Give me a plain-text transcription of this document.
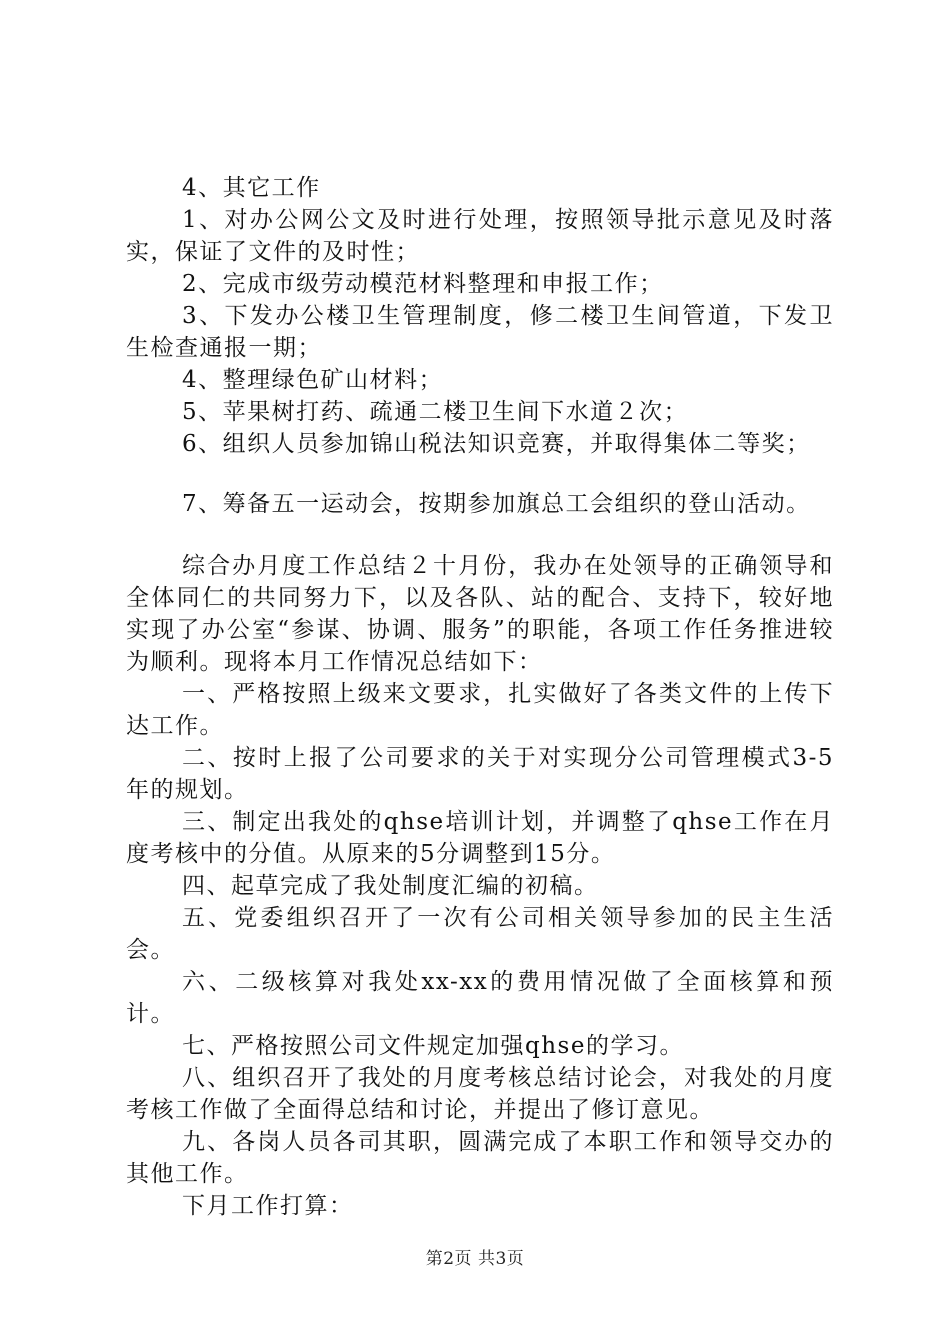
4、其它工作

1、对办公网公文及时进行处理，按照领导批示意见及时落实，保证了文件的及时性；

2、完成市级劳动模范材料整理和申报工作；

3、下发办公楼卫生管理制度，修二楼卫生间管道，下发卫生检查通报一期；

4、整理绿色矿山材料；

5、苹果树打药、疏通二楼卫生间下水道２次；

6、组织人员参加锦山税法知识竞赛，并取得集体二等奖；

7、筹备五一运动会，按期参加旗总工会组织的登山活动。

综合办月度工作总结２十月份，我办在处领导的正确领导和全体同仁的共同努力下，以及各队、站的配合、支持下，较好地实现了办公室“参谋、协调、服务”的职能，各项工作任务推进较为顺利。现将本月工作情况总结如下：

一、严格按照上级来文要求，扎实做好了各类文件的上传下达工作。

二、按时上报了公司要求的关于对实现分公司管理模式3-5年的规划。

三、制定出我处的qhse培训计划，并调整了qhse工作在月度考核中的分值。从原来的5分调整到15分。

四、起草完成了我处制度汇编的初稿。

五、党委组织召开了一次有公司相关领导参加的民主生活会。

六、二级核算对我处xx-xx的费用情况做了全面核算和预计。

七、严格按照公司文件规定加强qhse的学习。

八、组织召开了我处的月度考核总结讨论会，对我处的月度考核工作做了全面得总结和讨论，并提出了修订意见。

九、各岗人员各司其职，圆满完成了本职工作和领导交办的其他工作。

下月工作打算：

第2页 共3页
